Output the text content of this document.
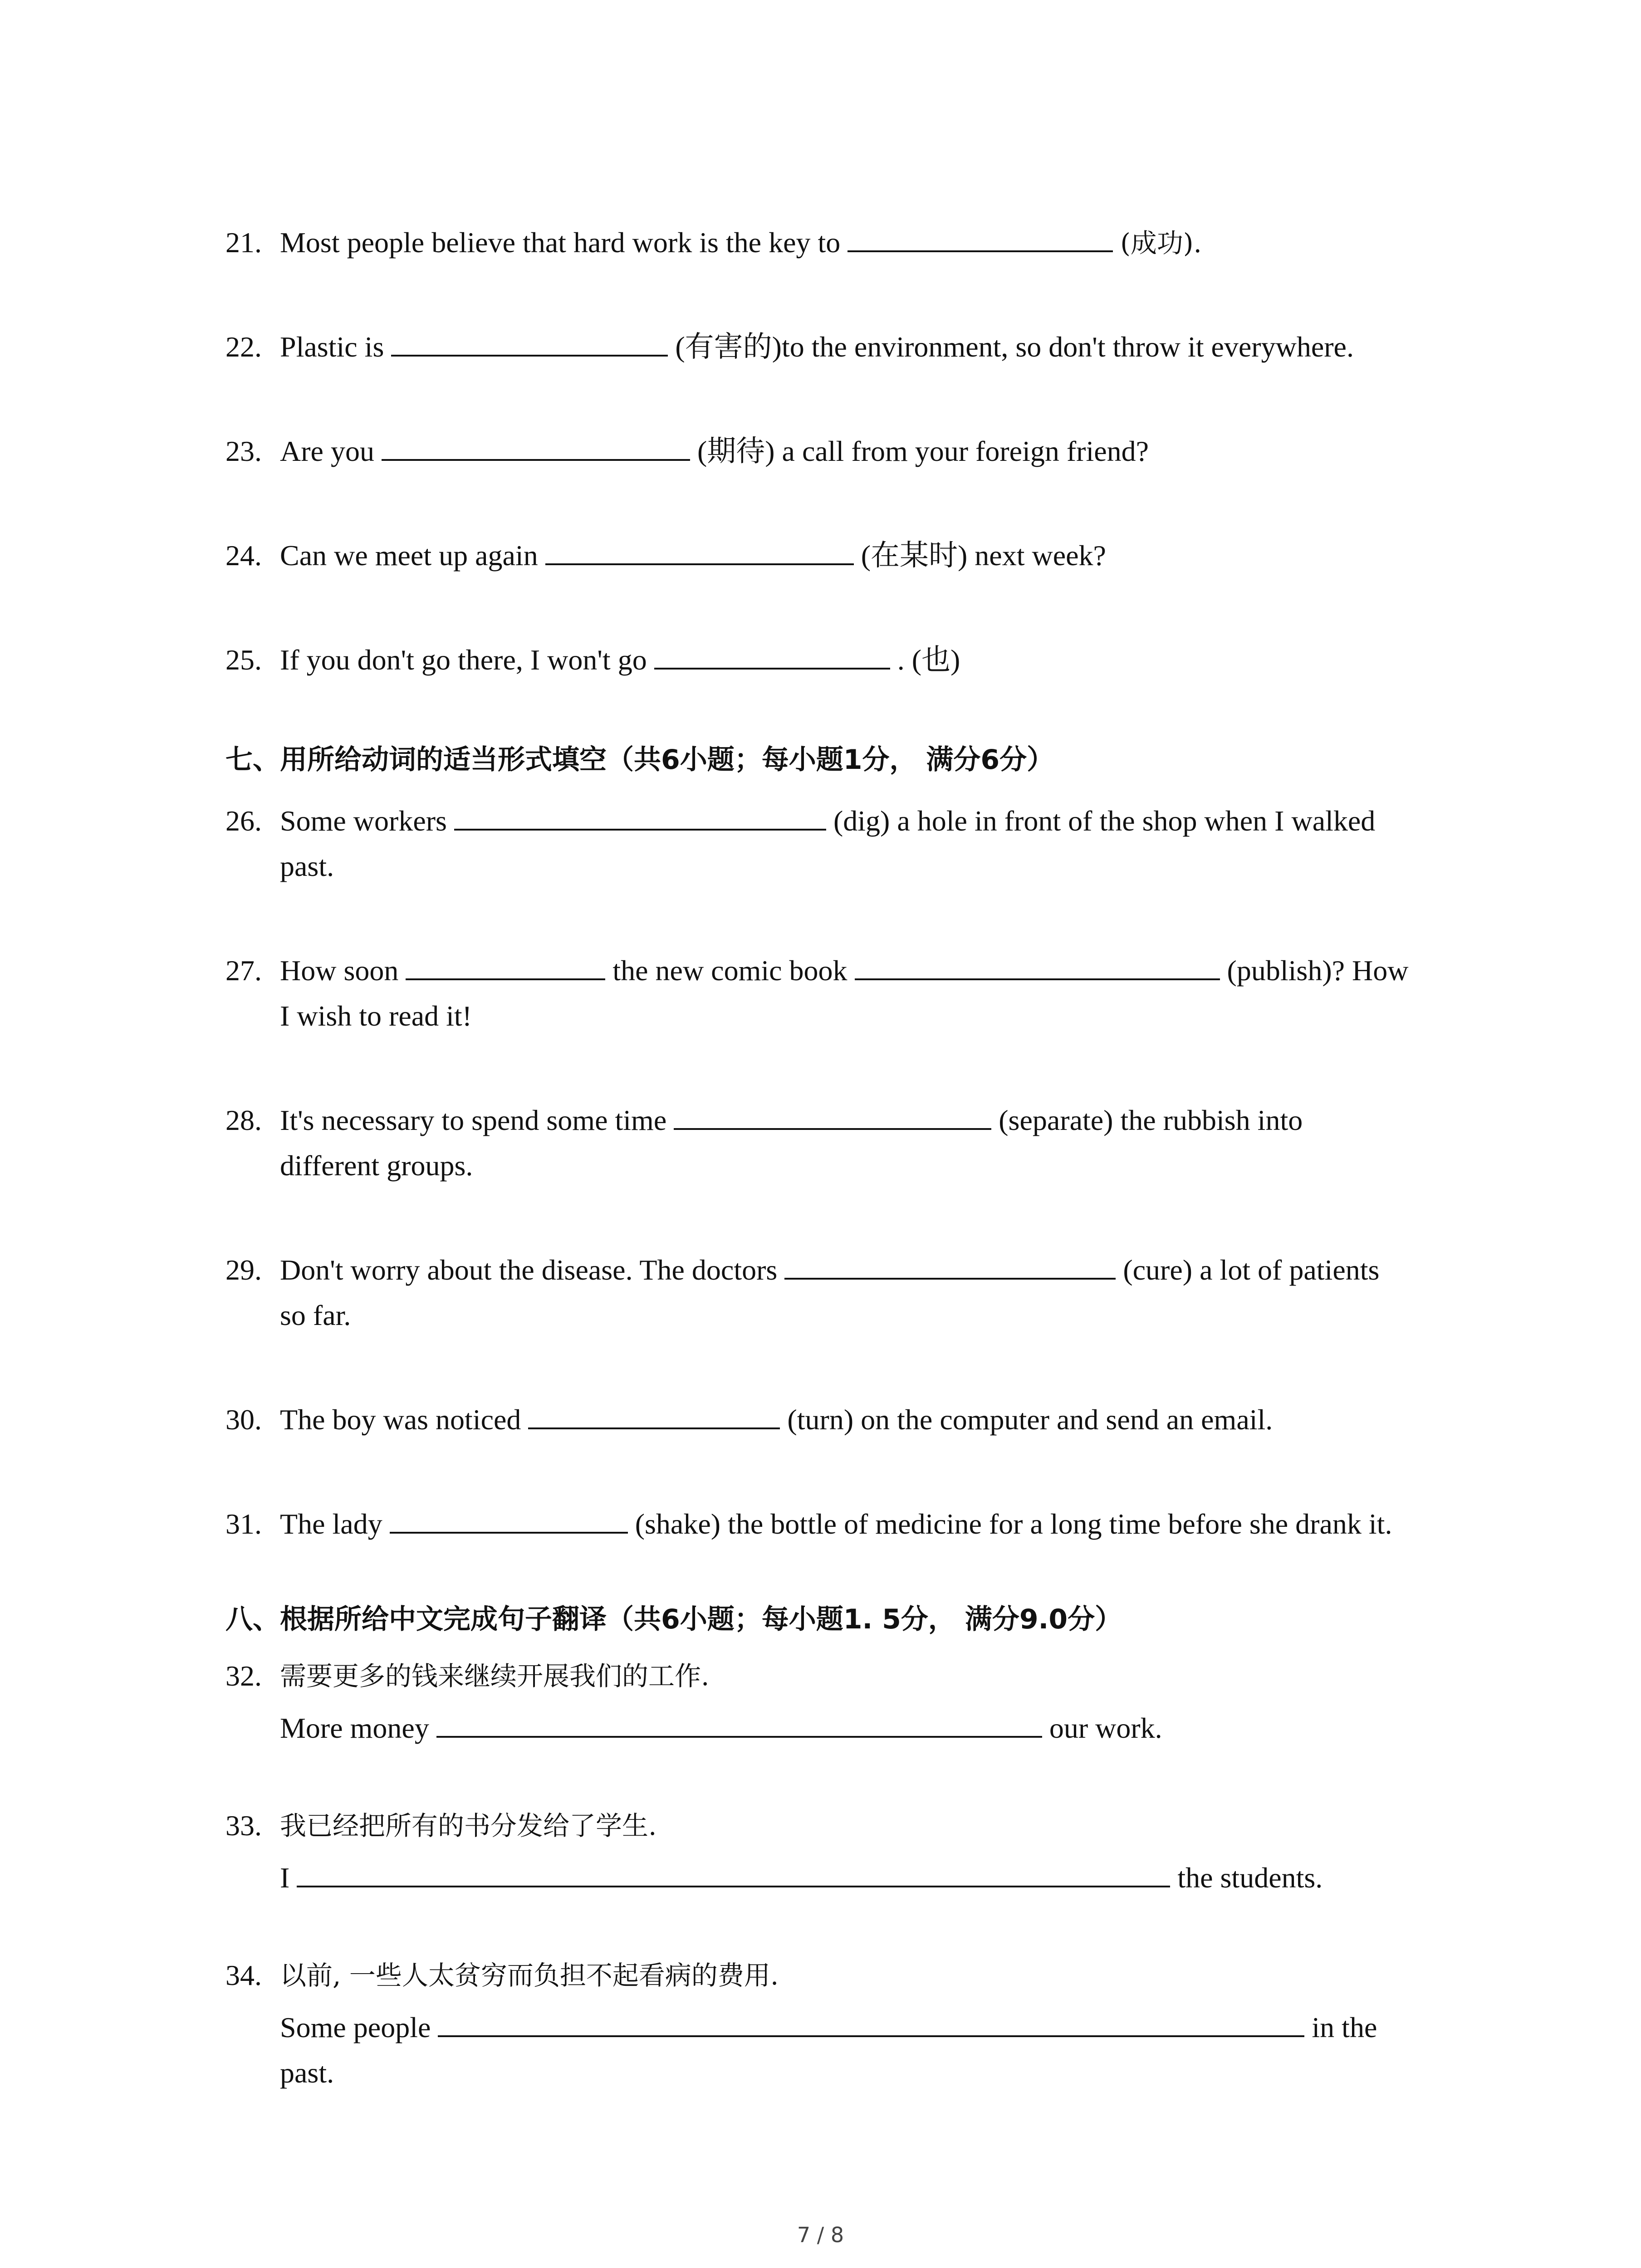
21. Most people believe that hard work is the key to	(成功).
22. Plastic is	(有害的)to the environment, so don't throw it everywhere.
23. Are you	(期待) a call from your foreign friend?
24. Can we meet up again	(在某时) next week?
25. If you don't go there, I won't go	. (也)
七、用所给动词的适当形式填空（共6小题；每小题1分， 满分6分）
26. Some workers	(dig) a hole in front of the shop when I walked
past.
27. How soon	the new comic book	(publish)? How
I wish to read it!
28. It's necessary to spend some time	(separate) the rubbish into
different groups.
29. Don't worry about the disease. The doctors	(cure) a lot of patients
so far.
30. The boy was noticed	(turn) on the computer and send an email.
31. The lady	(shake) the bottle of medicine for a long time before she drank it.
八、根据所给中文完成句子翻译（共6小题；每小题1. 5分， 满分9.0分）
32. 需要更多的钱来继续开展我们的工作.
More money	our work.
33. 我已经把所有的书分发给了学生.
I	the students.
34. 以前, 一些人太贫穷而负担不起看病的费用.
Some people	in the
past.
7 / 8
